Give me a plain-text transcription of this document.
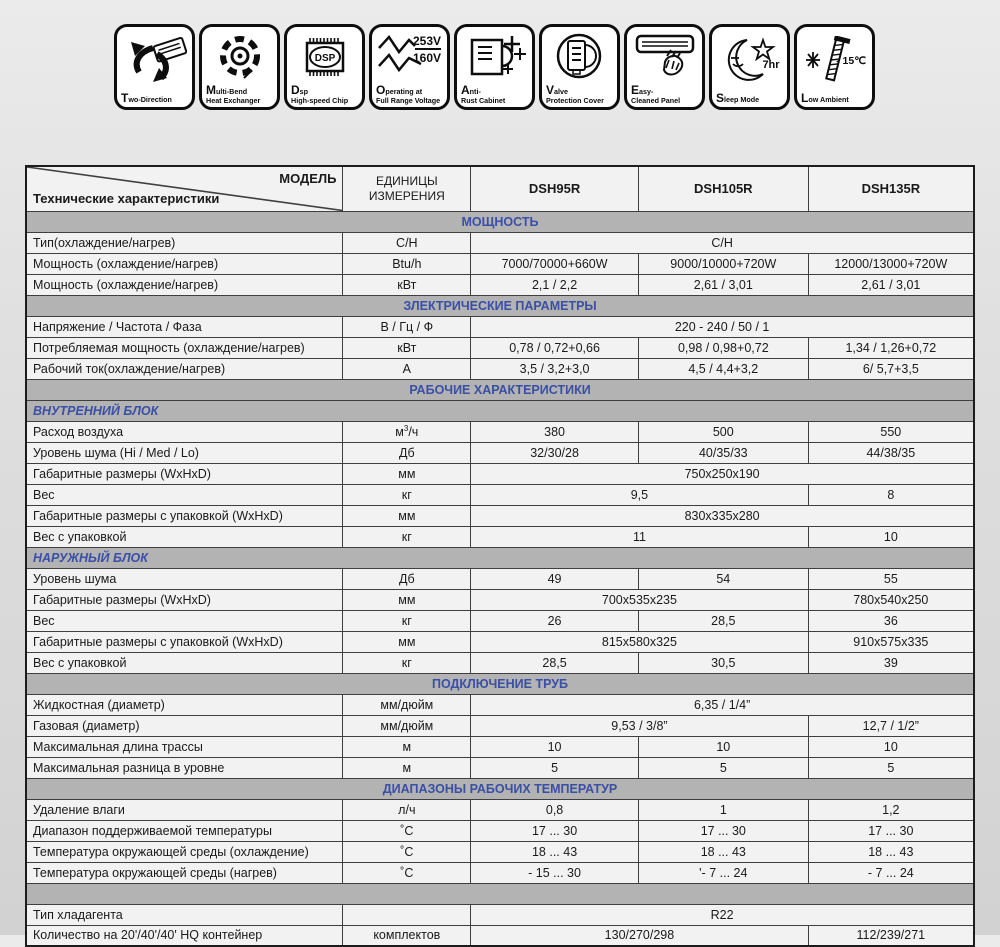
Two-Direction
Multi-Bend
Heat Exchanger
DSP
Dsp
High-speed Chip
253V
160V
Operating at
Full Range Voltage
Anti-
Rust Cabinet
Valve
Protection Cover
Easy-
Cleaned Panel
7hr
Sleep Mode
- 15℃
Low Ambient
МОДЕЛЬ
Технические характеристики	ЕДИНИЦЫ ИЗМЕРЕНИЯ	DSH95R	DSH105R	DSH135R
МОЩНОСТЬ				
Тип(охлаждение/нагрев)	С/Н	С/Н		
Мощность (охлаждение/нагрев)	Btu/h	7000/70000+660W	9000/10000+720W	12000/13000+720W
Мощность (охлаждение/нагрев)	кВт	2,1 / 2,2	2,61 / 3,01	2,61 / 3,01
ЗЛЕКТРИЧЕСКИЕ ПАРАМЕТРЫ				
Напряжение / Частота / Фаза	В / Гц / Ф	220 - 240 / 50 / 1		
Потребляемая мощность (охлаждение/нагрев)	кВт	0,78 / 0,72+0,66	0,98 / 0,98+0,72	1,34 / 1,26+0,72
Рабочий ток(охлаждение/нагрев)	А	3,5 / 3,2+3,0	4,5 / 4,4+3,2	6/ 5,7+3,5
РАБОЧИЕ ХАРАКТЕРИСТИКИ				
ВНУТРЕННИЙ БЛОК				
Расход воздуха	$м^3/ч$	380	500	550
Уровень шума (Hi / Med / Lo)	Дб	32/30/28	40/35/33	44/38/35
Габаритные размеры (WxHxD)	мм	750x250x190		
Вес	кг	9,5		8
Габаритные размеры с упаковкой (WxHxD)	мм	830x335x280		
Вес с упаковкой	кг	11		10
НАРУЖНЫЙ БЛОК				
Уровень шума	Дб	49	54	55
Габаритные размеры (WxHxD)	мм	700x535x235		780x540x250
Вес	кг	26	28,5	36
Габаритные размеры с упаковкой (WxHxD)	мм	815x580x325		910x575x335
Вес с упаковкой	кг	28,5	30,5	39
ПОДКЛЮЧЕНИЕ ТРУБ				
Жидкостная (диаметр)	мм/дюйм	6,35 / 1/4”		
Газовая (диаметр)	мм/дюйм	9,53 / 3/8”		12,7 / 1/2”
Максимальная длина трассы	м	10	10	10
Максимальная разница в уровне	м	5	5	5
ДИАПАЗОНЫ РАБОЧИХ ТЕМПЕРАТУР				
Удаление влаги	л/ч	0,8	1	1,2
Диапазон поддерживаемой температуры	˚С	17 ... 30	17 ... 30	17 ... 30
Температура окружающей среды (охлаждение)	˚С	18 ... 43	18 ... 43	18 ... 43
Температура окружающей среды (нагрев)	˚С	- 15 ... 30	'- 7 ... 24	- 7 ... 24

Тип хладагента		R22		
Количество на 20'/40'/40' HQ контейнер	комплектов	130/270/298		112/239/271
